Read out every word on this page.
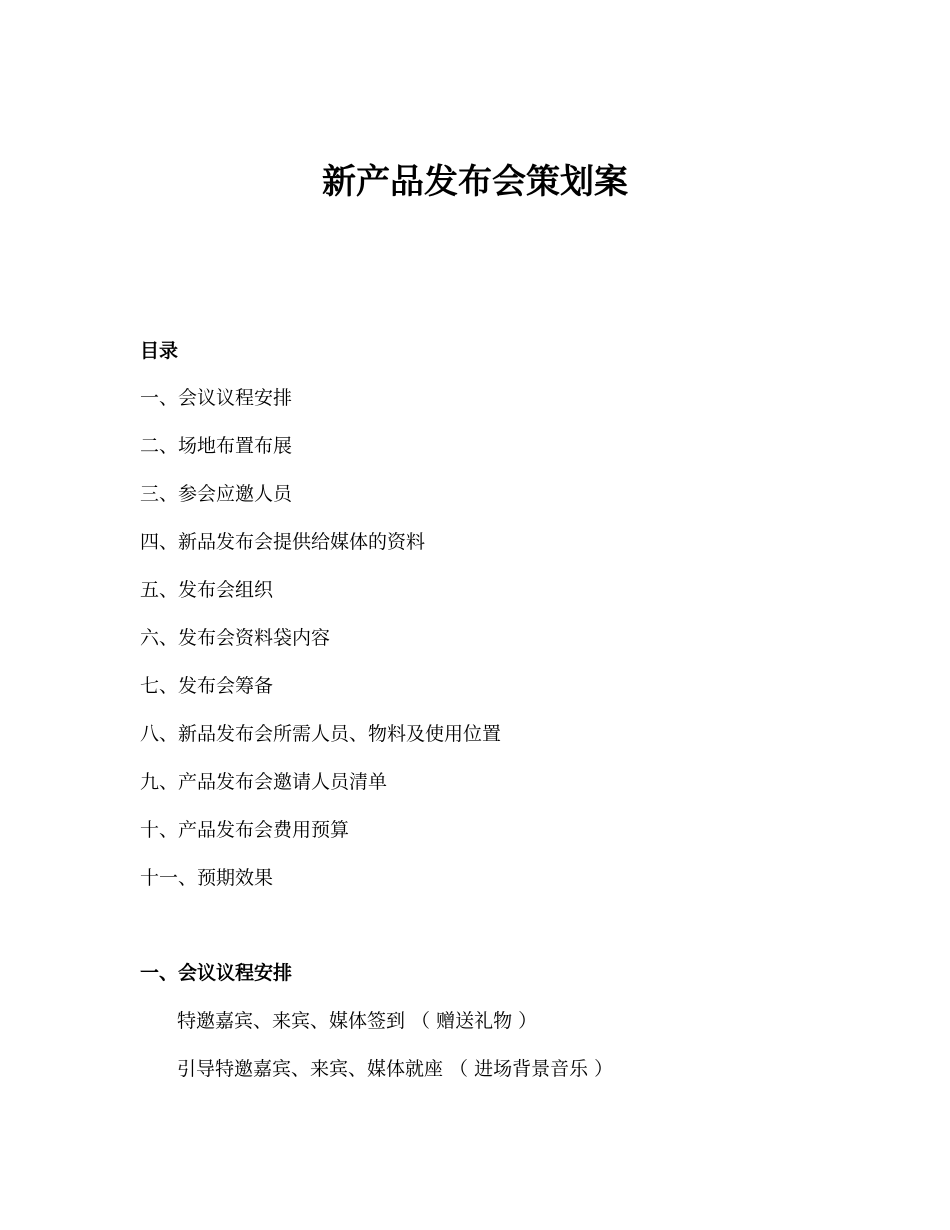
新产品发布会策划案
目录
一、会议议程安排
二、场地布置布展
三、参会应邀人员
四、新品发布会提供给媒体的资料
五、发布会组织
六、发布会资料袋内容
七、发布会筹备
八、新品发布会所需人员、物料及使用位置
九、产品发布会邀请人员清单
十、产品发布会费用预算
十一、预期效果
一、会议议程安排
特邀嘉宾、来宾、媒体签到 （ 赠送礼物 ）
引导特邀嘉宾、来宾、媒体就座 （ 进场背景音乐 ）
